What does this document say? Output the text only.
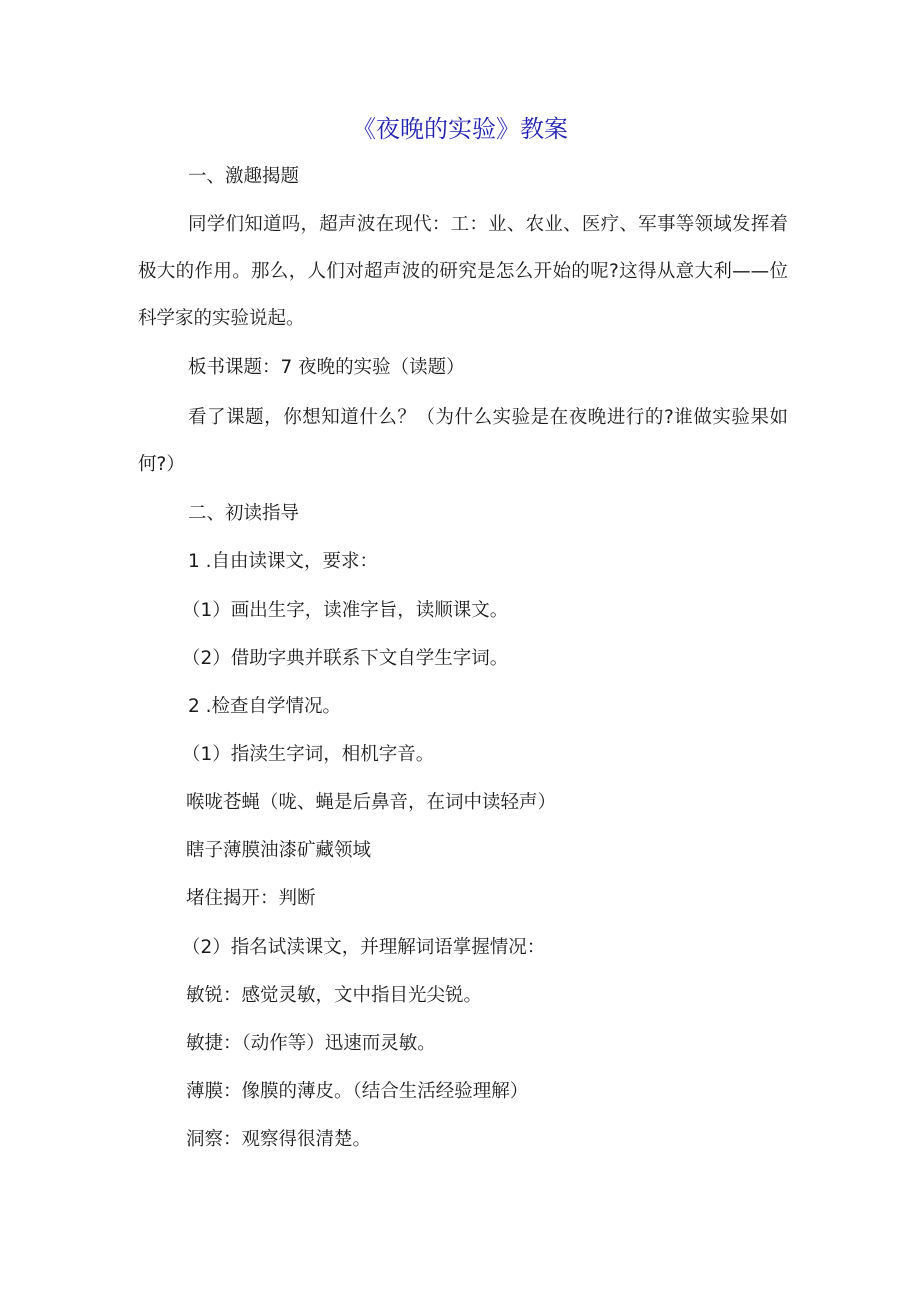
《夜晚的实验》教案
一、激趣揭题
同学们知道吗，超声波在现代：工：业、农业、医疗、军事等领域发挥着极大的作用。那么，人们对超声波的研究是怎么开始的呢?这得从意大利——位科学家的实验说起。
板书课题：7 夜晚的实验（读题）
看了课题，你想知道什么？（为什么实验是在夜晚进行的?谁做实验果如何?）
二、初读指导
1 .自由读课文，要求：
（1）画出生字，读准字旨，读顺课文。
（2）借助字典并联系下文自学生字词。
2 .检查自学情况。
（1）指渎生字词，相机字音。
喉咙苍蝇（咙、蝇是后鼻音，在词中读轻声）
瞎子薄膜油漆矿藏领域
堵住揭开：判断
（2）指名试渎课文，并理解词语掌握情况：
敏锐：感觉灵敏，文中指目光尖锐。
敏捷：（动作等）迅速而灵敏。
薄膜：像膜的薄皮。（结合生活经验理解）
洞察：观察得很清楚。
